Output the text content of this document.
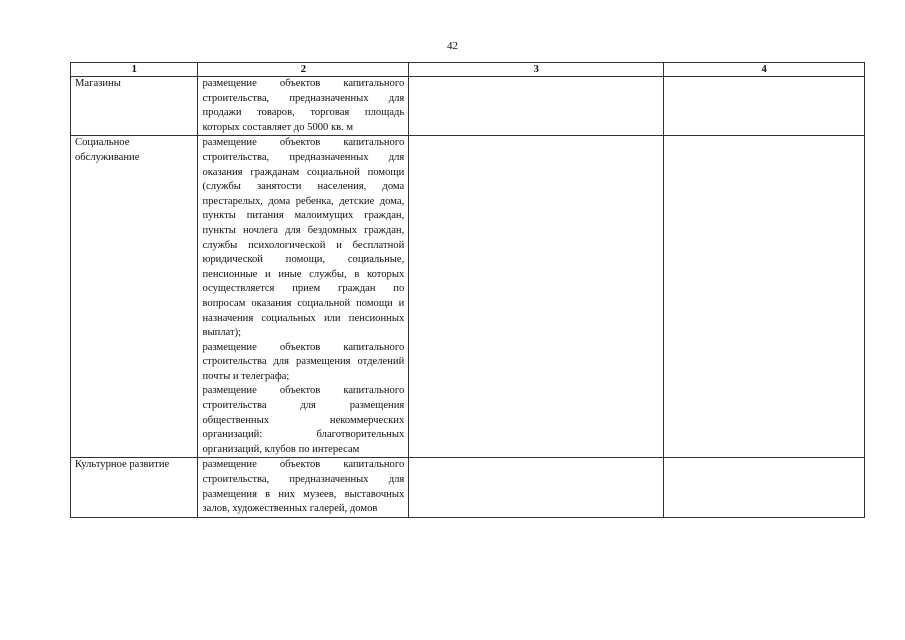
42
1	2	3	4
Магазины	размещение объектов капитального строительства, предназначенных для продажи товаров, торговая площадь которых составляет до 5000 кв. м		

Социальное обслуживание	размещение объектов капитального строительства, предназначенных для оказания гражданам социальной помощи (службы занятости населения, дома престарелых, дома ребенка, детские дома, пункты питания малоимущих граждан, пункты ночлега для бездомных граждан, службы психологической и бесплатной юридической помощи, социальные, пенсионные и иные службы, в которых осуществляется прием граждан по вопросам оказания социальной помощи и назначения социальных или пенсионных выплат);

размещение объектов капитального строительства для размещения отделений почты и телеграфа;

размещение объектов капитального строительства для размещения общественных некоммерческих организаций: благотворительных организаций, клубов по интересам		

Культурное развитие	размещение объектов капитального строительства, предназначенных для размещения в них музеев, выставочных залов, художественных галерей, домов		
